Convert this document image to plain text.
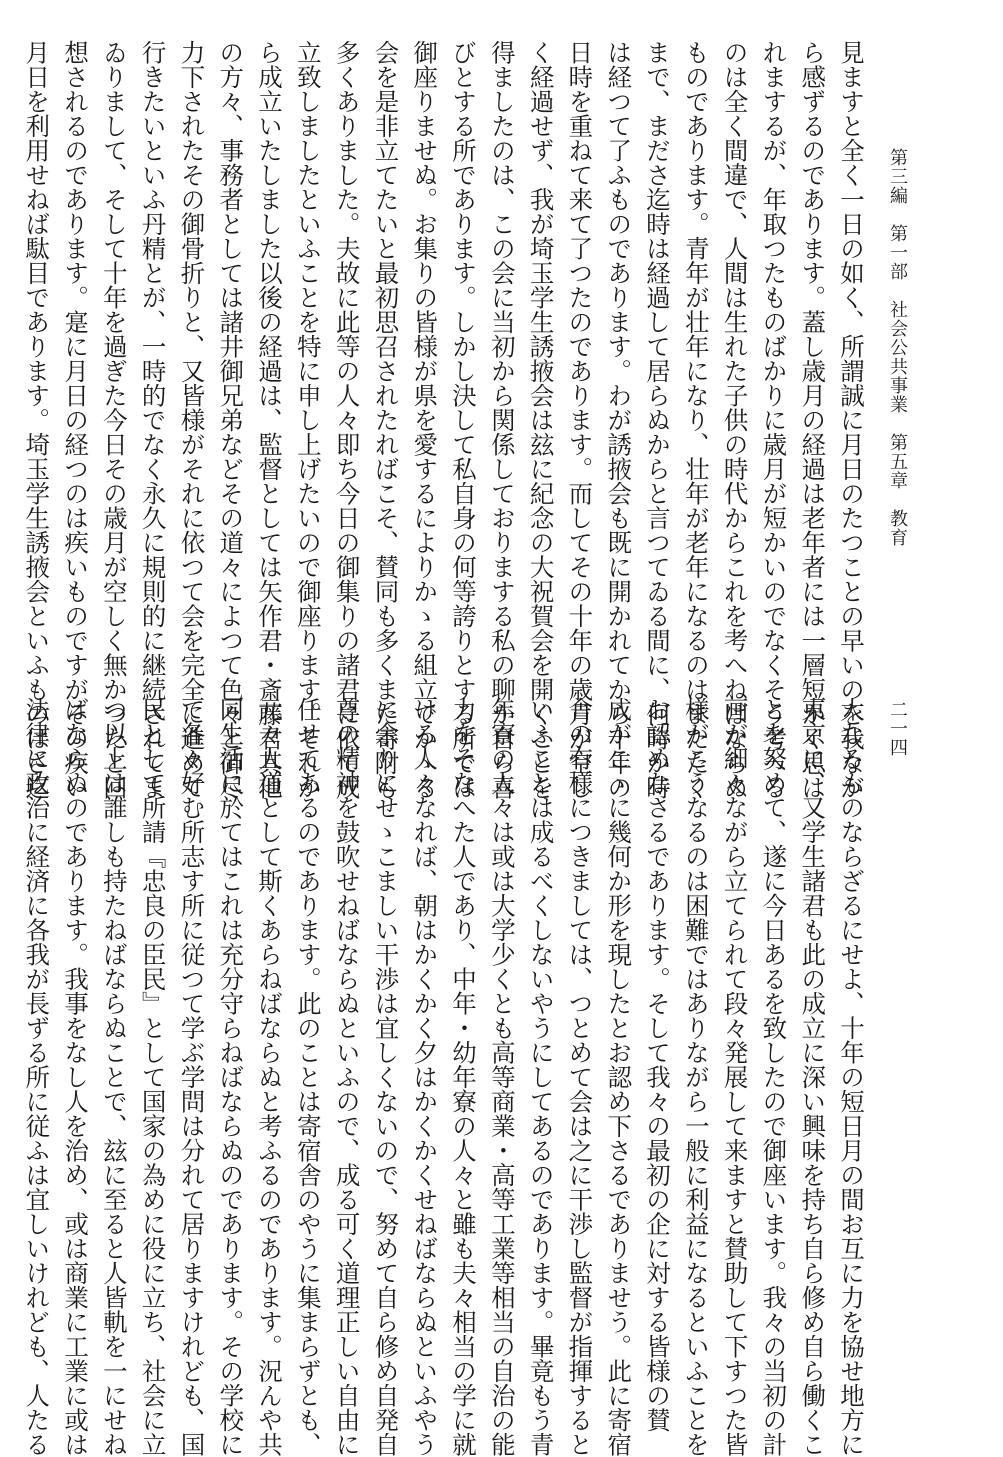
第三編　第一部　社会公共事業　第五章　教育
二一四
見ますと全く一日の如く、所謂誠に月日のたつことの早いのを我なが
ら感ずるのであります。蓋し歳月の経過は老年者には一層短かく思は
れまするが、年取つたものばかりに歳月が短かいのでなくそう考へる
のは全く間違で、人間は生れた子供の時代からこれを考へねばならぬ
ものであります。青年が壮年になり、壮年が老年になるのはまたたく
まで、まださ迄時は経過して居らぬからと言つてゐる間に、何時か時
は経つて了ふものであります。わが誘掖会も既に開かれてから十年の
日時を重ねて来て了つたのであります。而してその十年の歳月が空し
く経過せず、我が埼玉学生誘掖会は玆に紀念の大祝賀会を開くことを
得ましたのは、この会に当初から関係しておりまする私の聊か自ら喜
びとする所であります。しかし決して私自身の何等誇りとする所では
御座りませぬ。お集りの皆様が県を愛するによりかゝる組立でかゝる
会を是非立てたいと最初思召されたればこそ、賛同も多くまた寄附も
多くありました。夫故に此等の人々即ち今日の御集りの諸君に依て成
立致しましたといふことを特に申し上げたいので御座ります。それか
ら成立いたしました以後の経過は、監督としては矢作君・斎藤君其他
の方々、事務者としては諸井御兄弟などその道々によつて色々と御尽
力下されたその御骨折りと、又皆様がそれに依つて会を完全に進めて
行きたいといふ丹精とが、一時的でなく永久に規則的に継続されてま
ゐりまして、そして十年を過ぎた今日その歳月が空しく無かつたと回
想されるのであります。寔に月日の経つのは疾いものですがその疾い
月日を利用せねば駄目であります。埼玉学生誘掖会といふものはさ迄
大なるものならざるにせよ、十年の短日月の間お互に力を協せ地方に
東京に、又学生諸君も此の成立に深い興味を持ち自ら修め自ら働くこ
とを努めて、遂に今日あるを致したので御座います。我々の当初の計
画が細々ながら立てられて段々発展して来ますと賛助して下すつた皆
様がこうなるのは困難ではありながら一般に利益になるといふことを
お認めなさるであります。そして我々の最初の企に対する皆様の賛
成がこゝに幾何か形を現したとお認め下さるでありませう。此に寄宿
舎の有様につきましては、つとめて会は之に干渉し監督が指揮すると
いふことは成るべくしないやうにしてあるのであります。畢竟もう青
年寮の人々は或は大学少くとも高等商業・高等工業等相当の自治の能
力をそなへた人であり、中年・幼年寮の人々と雖も夫々相当の学に就
ける人々なれば、朝はかくかく夕はかくかくせねばならぬといふやう
に余りにせゝこましい干渉は宜しくないので、努めて自ら修め自発自
尊の精神を鼓吹せねばならぬといふので、成る可く道理正しい自由に
任せてあるのであります。此のことは寄宿舎のやうに集まらずとも、
元々人道として斯くあらねばならぬと考ふるのであります。況んや共
同生活に於てはこれは充分守らねばならぬのであります。その学校に
て各々好む所志す所に従つて学ぶ学問は分れて居りますけれども、国
民として所請『忠良の臣民』として国家の為めに役に立ち、社会に立
つ以上は誰しも持たねばならぬことで、玆に至ると人皆軌を一にせね
ばならぬのであります。我事をなし人を治め、或は商業に工業に或は
法律に政治に経済に各我が長ずる所に従ふは宜しいけれども、人たる
